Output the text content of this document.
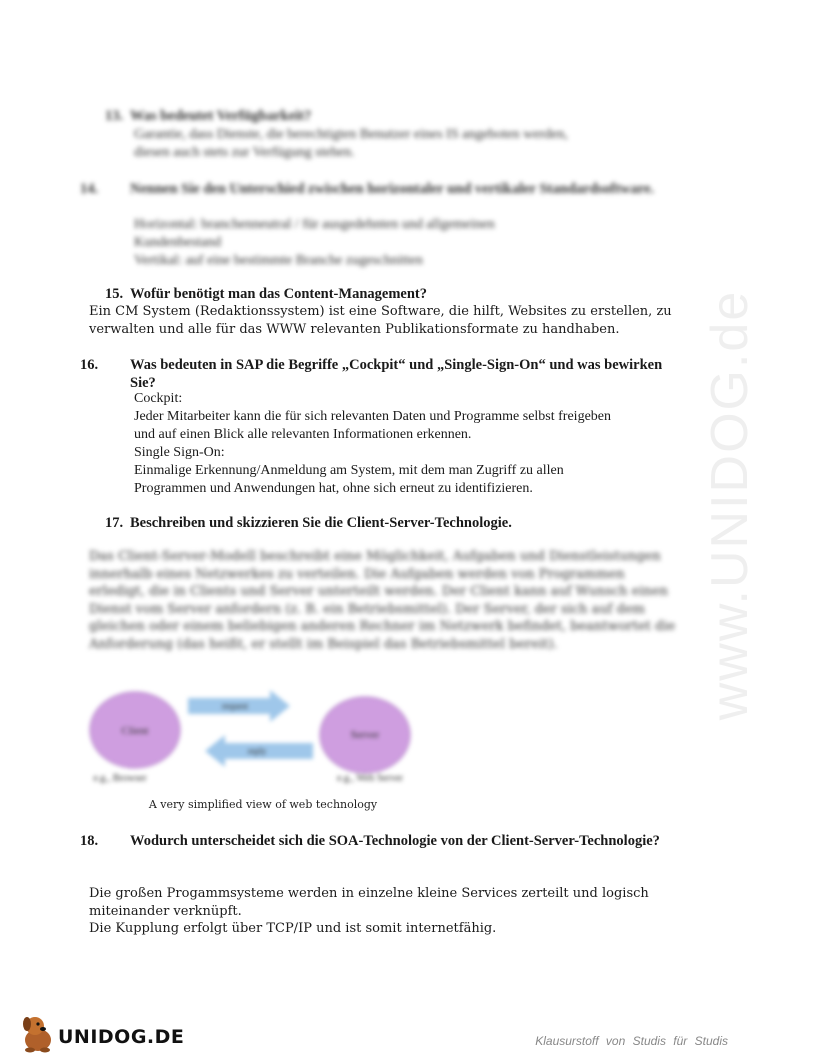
www.UNIDOG.de
13. Was bedeutet Verfügbarkeit?
Garantie, dass Dienste, die berechtigten Benutzer eines IS angeboten werden,
diesen auch stets zur Verfügung stehen.
14. Nennen Sie den Unterschied zwischen horizontaler und vertikaler Standardsoftware.
Horizontal: branchenneutral / für ausgedehnten und allgemeinen
Kundenbestand
Vertikal: auf eine bestimmte Branche zugeschnitten
15. Wofür benötigt man das Content-Management?
Ein CM System (Redaktionssystem) ist eine Software, die hilft, Websites zu erstellen, zu
verwalten und alle für das WWW relevanten Publikationsformate zu handhaben.
16. Was bedeuten in SAP die Begriffe „Cockpit“ und „Single-Sign-On“ und was bewirken Sie?
Cockpit:
Jeder Mitarbeiter kann die für sich relevanten Daten und Programme selbst freigeben
und auf einen Blick alle relevanten Informationen erkennen.
Single Sign-On:
Einmalige Erkennung/Anmeldung am System, mit dem man Zugriff zu allen
Programmen und Anwendungen hat, ohne sich erneut zu identifizieren.
17. Beschreiben und skizzieren Sie die Client-Server-Technologie.
Das Client-Server-Modell beschreibt eine Möglichkeit, Aufgaben und Dienstleistungen
innerhalb eines Netzwerkes zu verteilen. Die Aufgaben werden von Programmen
erledigt, die in Clients und Server unterteilt werden. Der Client kann auf Wunsch einen
Dienst vom Server anfordern (z. B. ein Betriebsmittel). Der Server, der sich auf dem
gleichen oder einem beliebigen anderen Rechner im Netzwerk befindet, beantwortet die
Anforderung (das heißt, er stellt im Beispiel das Betriebsmittel bereit).
Client	Server
request
reply
e.g., Browser	e.g., Web Server
A very simplified view of web technology
18. Wodurch unterscheidet sich die SOA-Technologie von der Client-Server-Technologie?
Die großen Progammsysteme werden in einzelne kleine Services zerteilt und logisch
miteinander verknüpft.
Die Kupplung erfolgt über TCP/IP und ist somit internetfähig.
UNIDOG.DE	Klausurstoff von Studis für Studis
